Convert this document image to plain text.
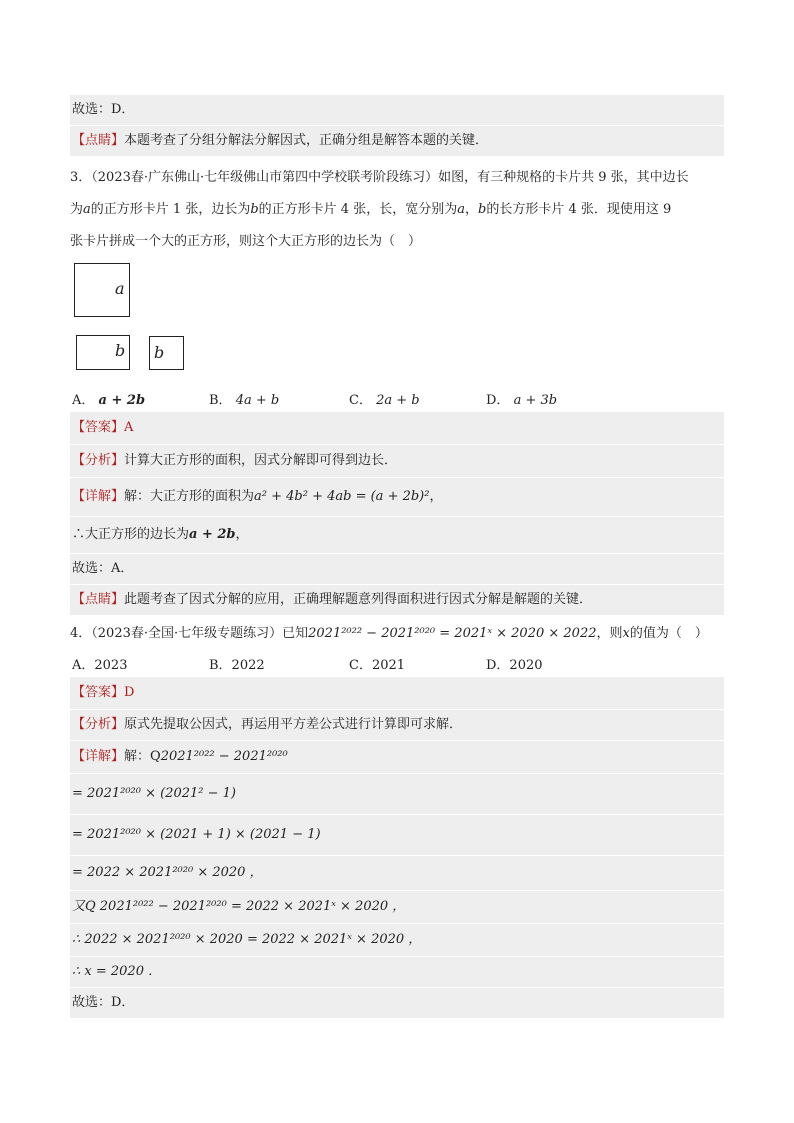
故选：D．
【点睛】本题考查了分组分解法分解因式，正确分组是解答本题的关键．
3．（2023春·广东佛山·七年级佛山市第四中学校联考阶段练习）如图，有三种规格的卡片共 9 张，其中边长
为a的正方形卡片 1 张，边长为b的正方形卡片 4 张，长，宽分别为a，b的长方形卡片 4 张．现使用这 9
张卡片拼成一个大的正方形，则这个大正方形的边长为（　）
a
b b
A． a + 2b	B． 4a + b	C． 2a + b	D． a + 3b
【答案】A
【分析】计算大正方形的面积，因式分解即可得到边长．
【详解】解：大正方形的面积为a² + 4b² + 4ab = (a + 2b)²，
∴大正方形的边长为a + 2b，
故选：A．
【点睛】此题考查了因式分解的应用，正确理解题意列得面积进行因式分解是解题的关键．
4．（2023春·全国·七年级专题练习）已知2021²⁰²² − 2021²⁰²⁰ = 2021ˣ × 2020 × 2022，则x的值为（　）
A．2023	B．2022	C．2021	D．2020
【答案】D
【分析】原式先提取公因式，再运用平方差公式进行计算即可求解．
【详解】解：Q2021²⁰²² − 2021²⁰²⁰
= 2021²⁰²⁰ × (2021² − 1)
= 2021²⁰²⁰ × (2021 + 1) × (2021 − 1)
= 2022 × 2021²⁰²⁰ × 2020 ，
又Q 2021²⁰²² − 2021²⁰²⁰ = 2022 × 2021ˣ × 2020 ，
∴ 2022 × 2021²⁰²⁰ × 2020 = 2022 × 2021ˣ × 2020 ，
∴ x = 2020 ．
故选：D．
